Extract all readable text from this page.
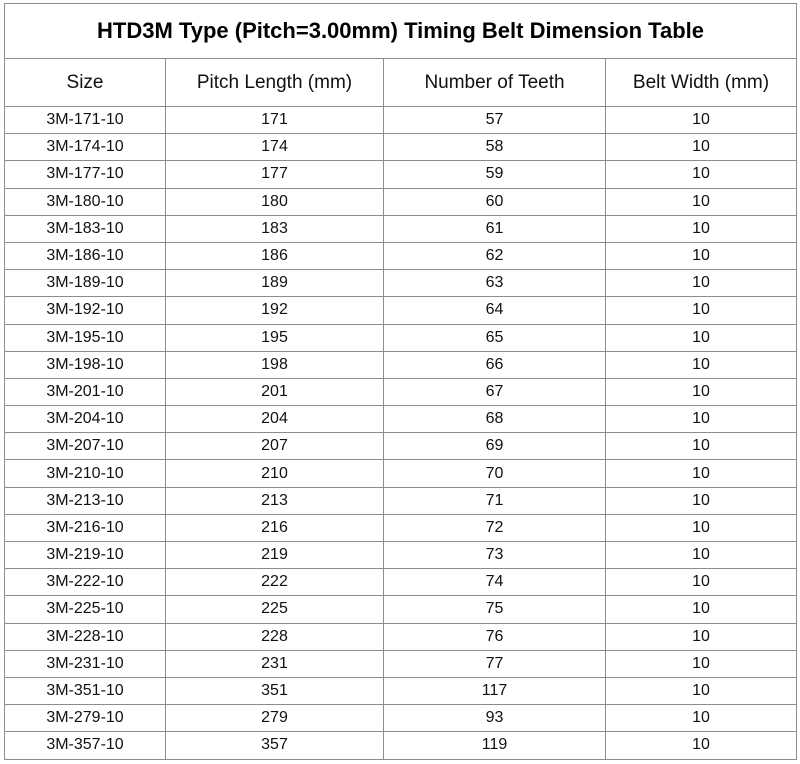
HTD3M Type (Pitch=3.00mm) Timing Belt Dimension Table			
Size	Pitch Length (mm)	Number of Teeth	Belt Width (mm)
3M-171-10	171	57	10
3M-174-10	174	58	10
3M-177-10	177	59	10
3M-180-10	180	60	10
3M-183-10	183	61	10
3M-186-10	186	62	10
3M-189-10	189	63	10
3M-192-10	192	64	10
3M-195-10	195	65	10
3M-198-10	198	66	10
3M-201-10	201	67	10
3M-204-10	204	68	10
3M-207-10	207	69	10
3M-210-10	210	70	10
3M-213-10	213	71	10
3M-216-10	216	72	10
3M-219-10	219	73	10
3M-222-10	222	74	10
3M-225-10	225	75	10
3M-228-10	228	76	10
3M-231-10	231	77	10
3M-351-10	351	117	10
3M-279-10	279	93	10
3M-357-10	357	119	10
